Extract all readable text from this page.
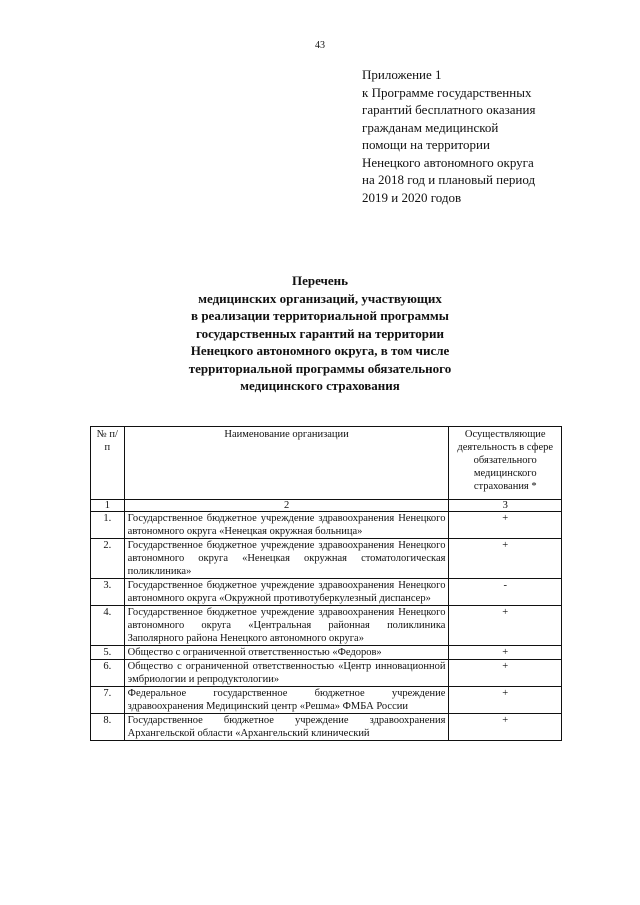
43
Приложение 1
к Программе государственных
гарантий бесплатного оказания
гражданам медицинской
помощи на территории
Ненецкого автономного округа
на 2018 год и плановый период
2019 и 2020 годов
Перечень
медицинских организаций, участвующих
в реализации территориальной программы
государственных гарантий на территории
Ненецкого автономного округа, в том числе
территориальной программы обязательного
медицинского страхования
№ п/п	Наименование организации	Осуществляющие деятельность в сфере обязательного медицинского страхования *
1	2	3
1.	Государственное бюджетное учреждение здравоохранения Ненецкого автономного округа «Ненецкая окружная больница»	+
2.	Государственное бюджетное учреждение здравоохранения Ненецкого автономного округа «Ненецкая окружная стоматологическая поликлиника»	+
3.	Государственное бюджетное учреждение здравоохранения Ненецкого автономного округа «Окружной противотуберкулезный диспансер»	-
4.	Государственное бюджетное учреждение здравоохранения Ненецкого автономного округа «Центральная районная поликлиника Заполярного района Ненецкого автономного округа»	+
5.	Общество с ограниченной ответственностью «Федоров»	+
6.	Общество с ограниченной ответственностью «Центр инновационной эмбриологии и репродуктологии»	+
7.	Федеральное государственное бюджетное учреждение здравоохранения Медицинский центр «Решма» ФМБА России	+
8.	Государственное бюджетное учреждение здравоохранения Архангельской области «Архангельский клинический	+
